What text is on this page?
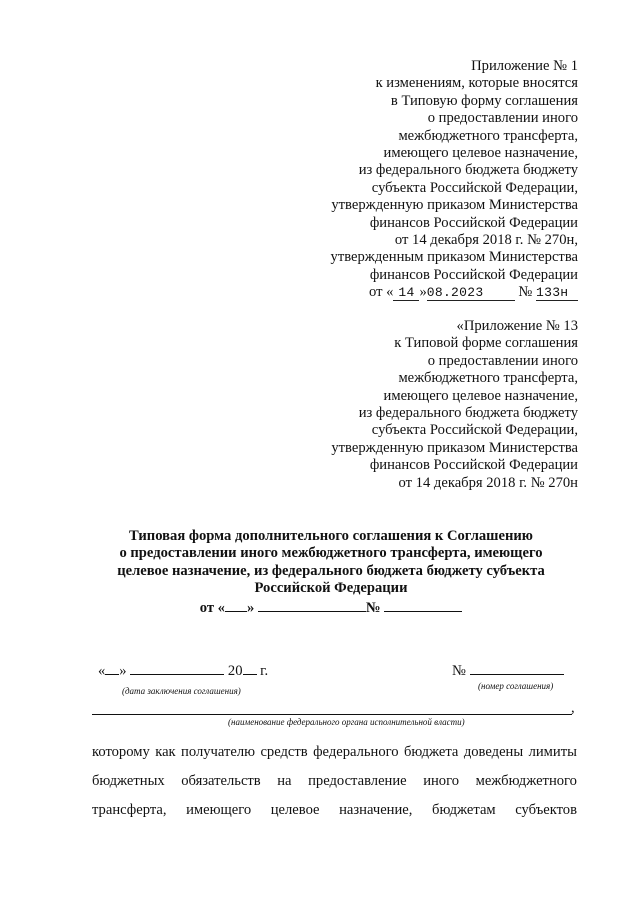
Приложение № 1
к изменениям, которые вносятся
в Типовую форму соглашения
о предоставлении иного
межбюджетного трансферта,
имеющего целевое назначение,
из федерального бюджета бюджету
субъекта Российской Федерации,
утвержденную приказом Министерства
финансов Российской Федерации
от 14 декабря 2018 г. № 270н,
утвержденным приказом Министерства
финансов Российской Федерации
от « 14 »08.2023 № 133н
«Приложение № 13
к Типовой форме соглашения
о предоставлении иного
межбюджетного трансферта,
имеющего целевое назначение,
из федерального бюджета бюджету
субъекта Российской Федерации,
утвержденную приказом Министерства
финансов Российской Федерации
от 14 декабря 2018 г. № 270н
Типовая форма дополнительного соглашения к Соглашению
о предоставлении иного межбюджетного трансферта, имеющего
целевое назначение, из федерального бюджета бюджету субъекта
Российской Федерации
от « »	№
« »	20 г.
(дата заключения соглашения)
№
(номер соглашения)
,
(наименование федерального органа исполнительной власти)
которому как получателю средств федерального бюджета доведены лимиты
бюджетных обязательств на предоставление иного межбюджетного
трансферта, имеющего целевое назначение, бюджетам субъектов
